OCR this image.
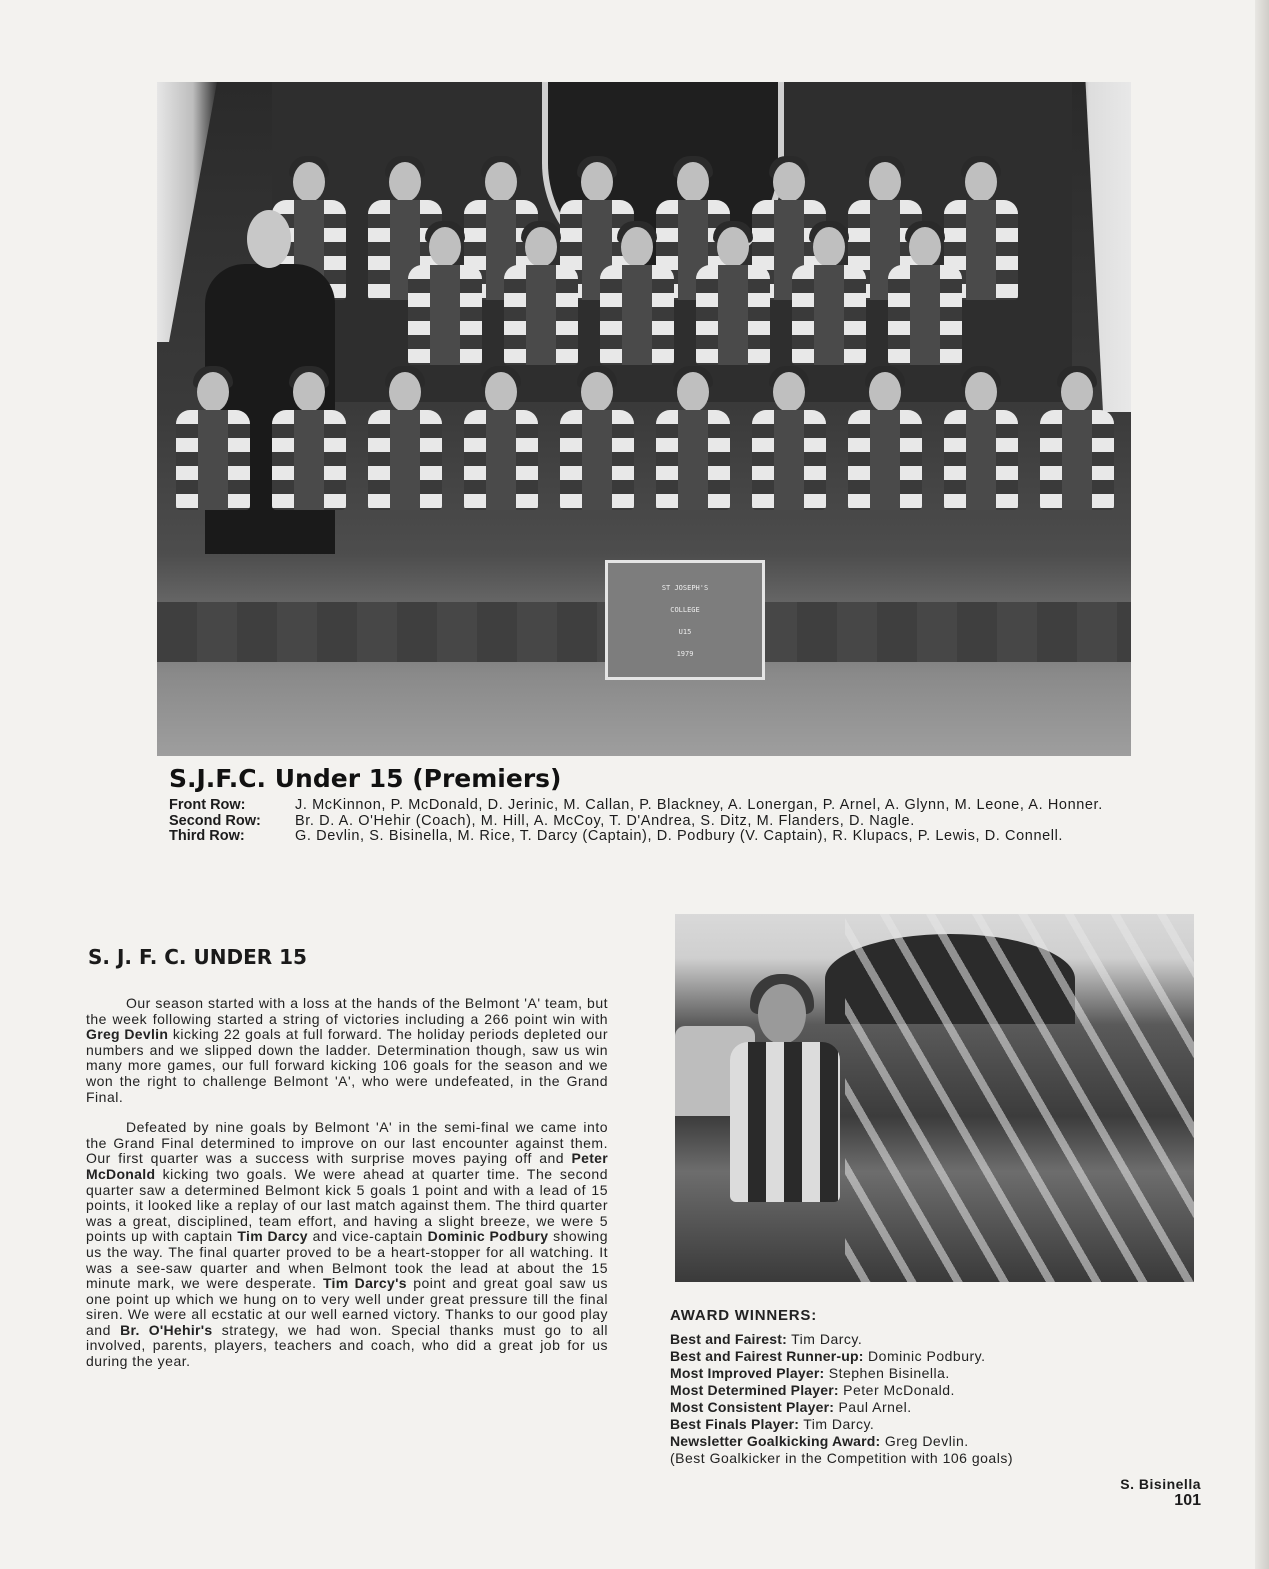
ST JOSEPH'S
COLLEGE
U15
1979
S.J.F.C. Under 15 (Premiers)
Front Row:	J. McKinnon, P. McDonald, D. Jerinic, M. Callan, P. Blackney, A. Lonergan, P. Arnel, A. Glynn, M. Leone, A. Honner.
Second Row:	Br. D. A. O'Hehir (Coach), M. Hill, A. McCoy, T. D'Andrea, S. Ditz, M. Flanders, D. Nagle.
Third Row:	G. Devlin, S. Bisinella, M. Rice, T. Darcy (Captain), D. Podbury (V. Captain), R. Klupacs, P. Lewis, D. Connell.
S. J. F. C. UNDER 15

Our season started with a loss at the hands of the Belmont 'A' team, but the week following started a string of victories including a 266 point win with Greg Devlin kicking 22 goals at full forward. The holiday periods depleted our numbers and we slipped down the ladder. Determination though, saw us win many more games, our full forward kicking 106 goals for the season and we won the right to challenge Belmont 'A', who were undefeated, in the Grand Final.

Defeated by nine goals by Belmont 'A' in the semi-final we came into the Grand Final determined to improve on our last encounter against them. Our first quarter was a success with surprise moves paying off and Peter McDonald kicking two goals. We were ahead at quarter time. The second quarter saw a determined Belmont kick 5 goals 1 point and with a lead of 15 points, it looked like a replay of our last match against them. The third quarter was a great, disciplined, team effort, and having a slight breeze, we were 5 points up with captain Tim Darcy and vice-captain Dominic Podbury showing us the way. The final quarter proved to be a heart-stopper for all watching. It was a see-saw quarter and when Belmont took the lead at about the 15 minute mark, we were desperate. Tim Darcy's point and great goal saw us one point up which we hung on to very well under great pressure till the final siren. We were all ecstatic at our well earned victory. Thanks to our good play and Br. O'Hehir's strategy, we had won. Special thanks must go to all involved, parents, players, teachers and coach, who did a great job for us during the year.

AWARD WINNERS:
Best and Fairest: Tim Darcy.
Best and Fairest Runner-up: Dominic Podbury.
Most Improved Player: Stephen Bisinella.
Most Determined Player: Peter McDonald.
Most Consistent Player: Paul Arnel.
Best Finals Player: Tim Darcy.
Newsletter Goalkicking Award: Greg Devlin.
(Best Goalkicker in the Competition with 106 goals)
S. Bisinella
101
